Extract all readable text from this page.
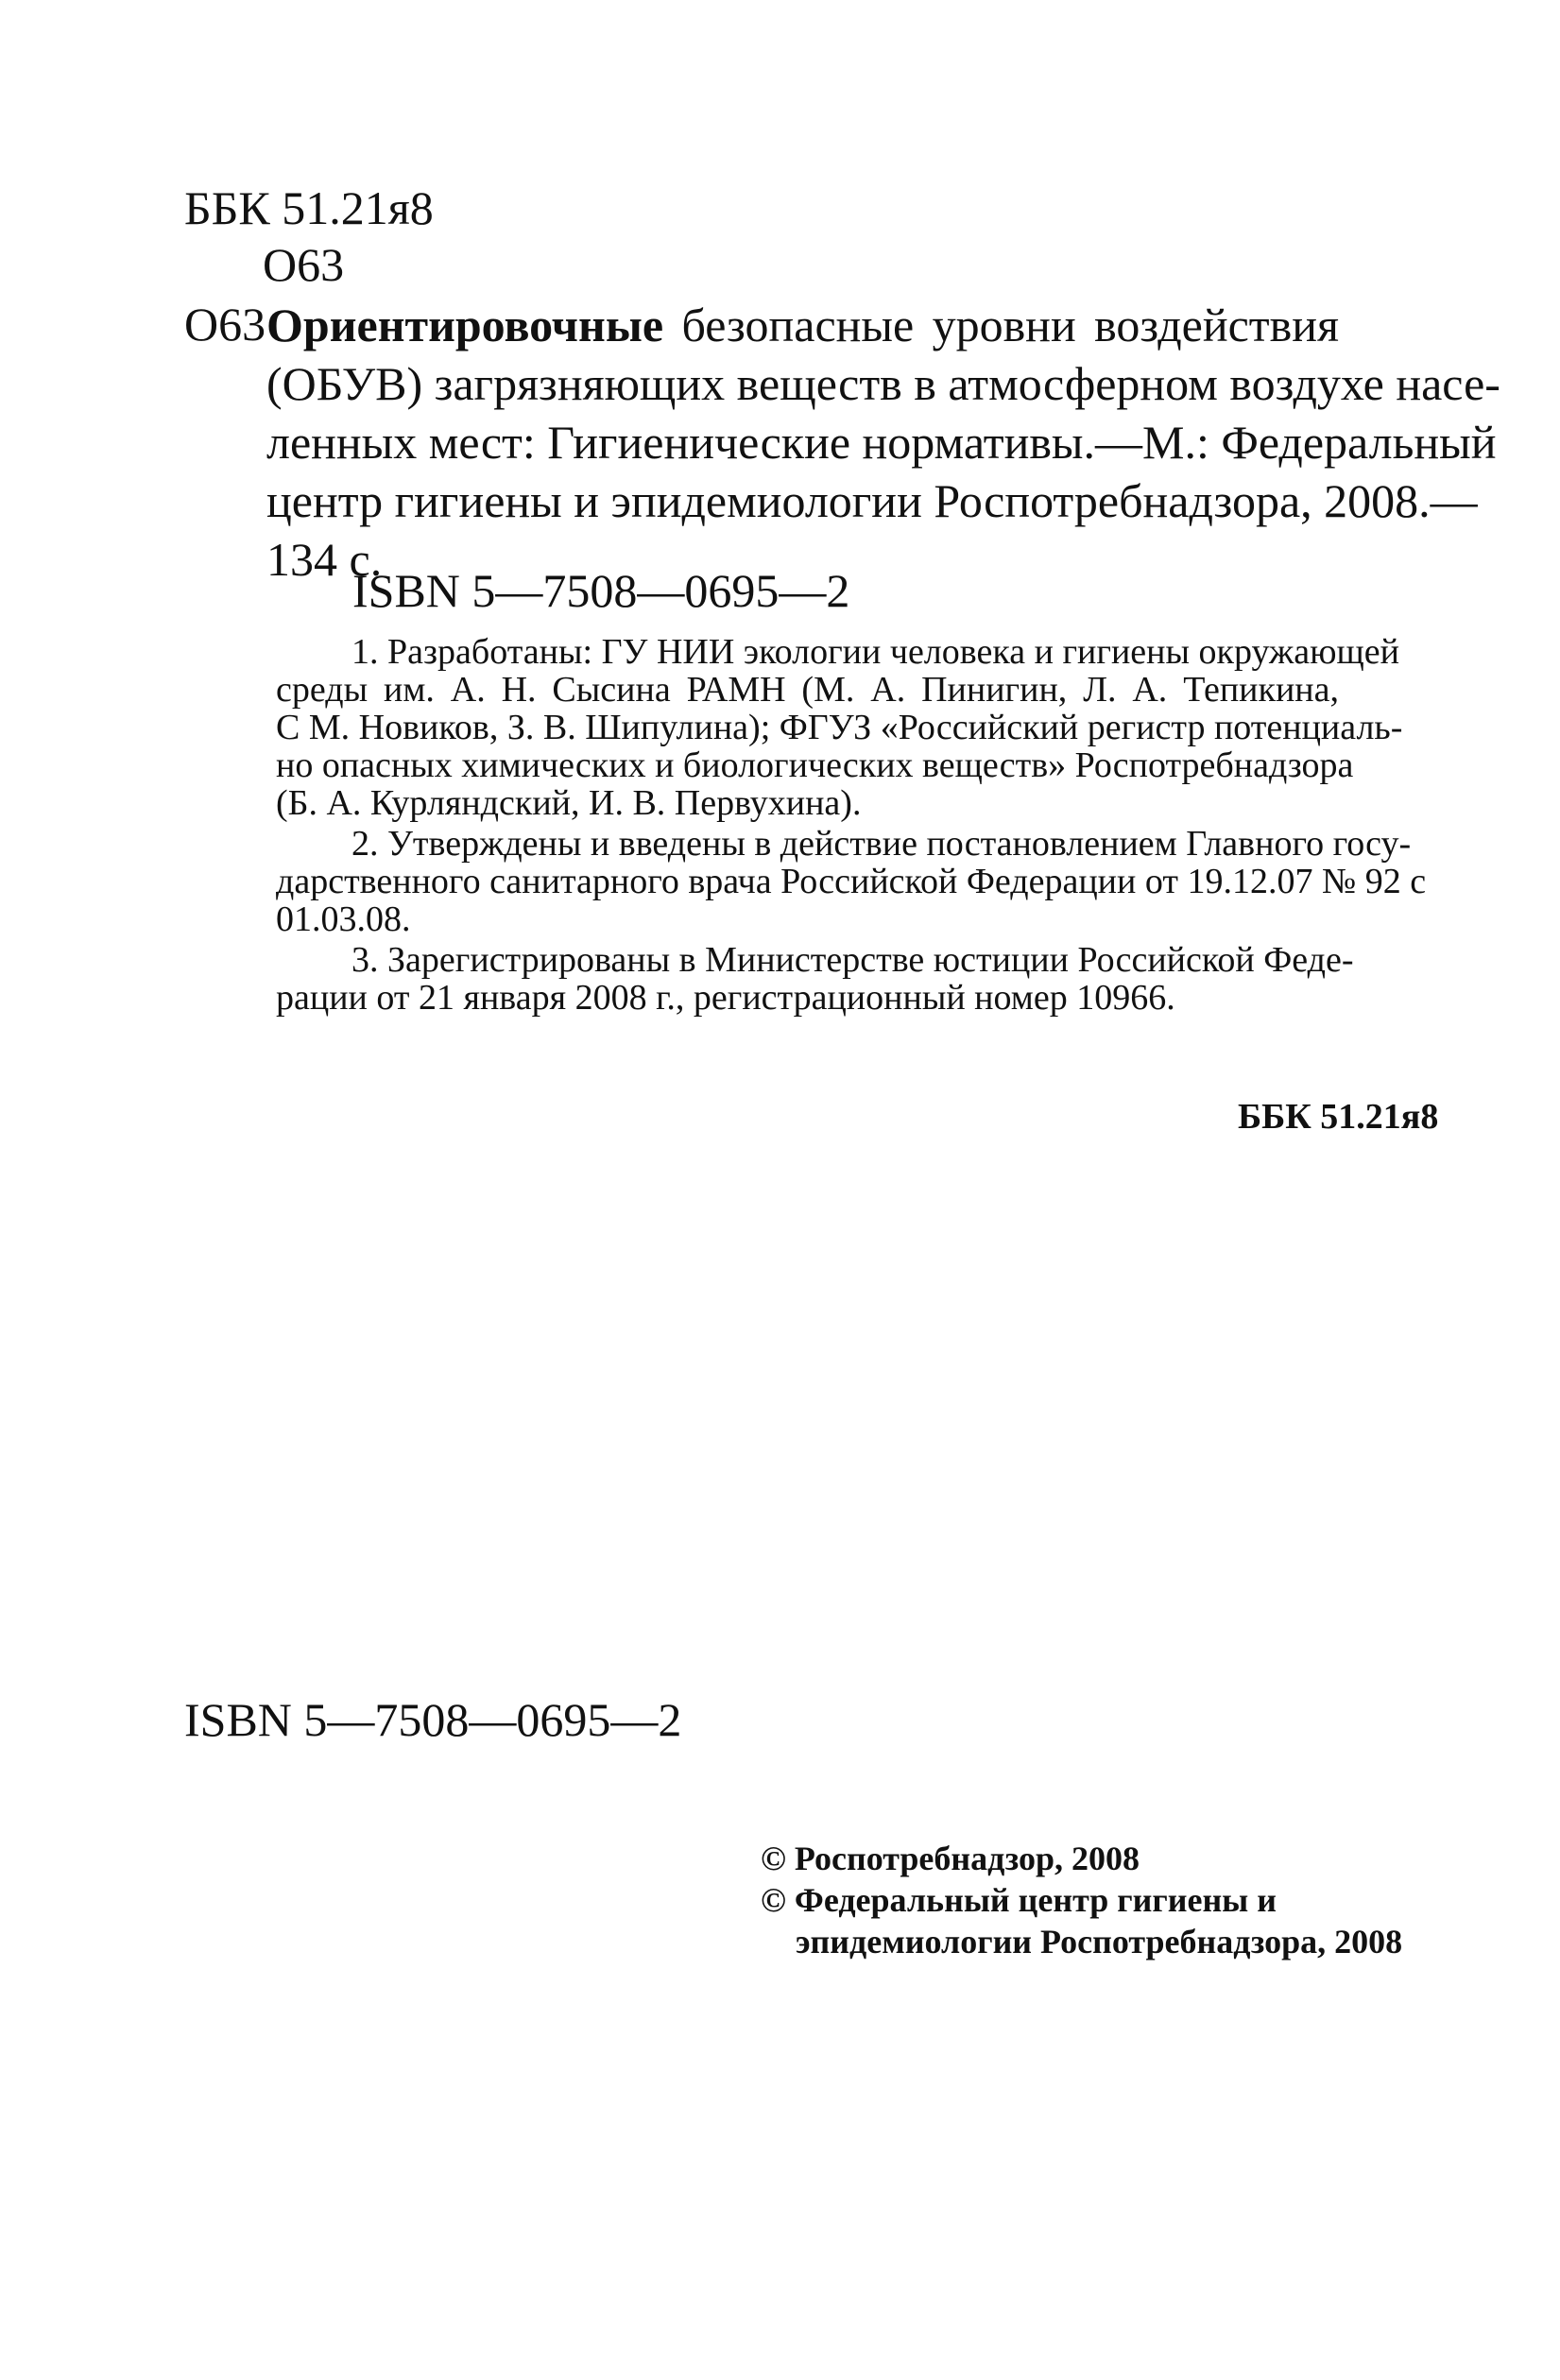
ББК 51.21я8
О63
О63 Ориентировочные безопасные уровни воздействия
(ОБУВ) загрязняющих веществ в атмосферном воздухе насе-
ленных мест: Гигиенические нормативы.—М.: Федеральный
центр гигиены и эпидемиологии Роспотребнадзора, 2008.—
134 с.
ISBN 5—7508—0695—2
1. Разработаны: ГУ НИИ экологии человека и гигиены окружающей
среды им. А. Н. Сысина РАМН (М. А. Пинигин, Л. А. Тепикина,
С М. Новиков, З. В. Шипулина); ФГУЗ «Российский регистр потенциаль-
но опасных химических и биологических веществ» Роспотребнадзора
(Б. А. Курляндский, И. В. Первухина).
2. Утверждены и введены в действие постановлением Главного госу-
дарственного санитарного врача Российской Федерации от 19.12.07 № 92 с
01.03.08.
3. Зарегистрированы в Министерстве юстиции Российской Феде-
рации от 21 января 2008 г., регистрационный номер 10966.
ББК 51.21я8
ISBN 5—7508—0695—2
© Роспотребнадзор, 2008
© Федеральный центр гигиены и
эпидемиологии Роспотребнадзора, 2008
